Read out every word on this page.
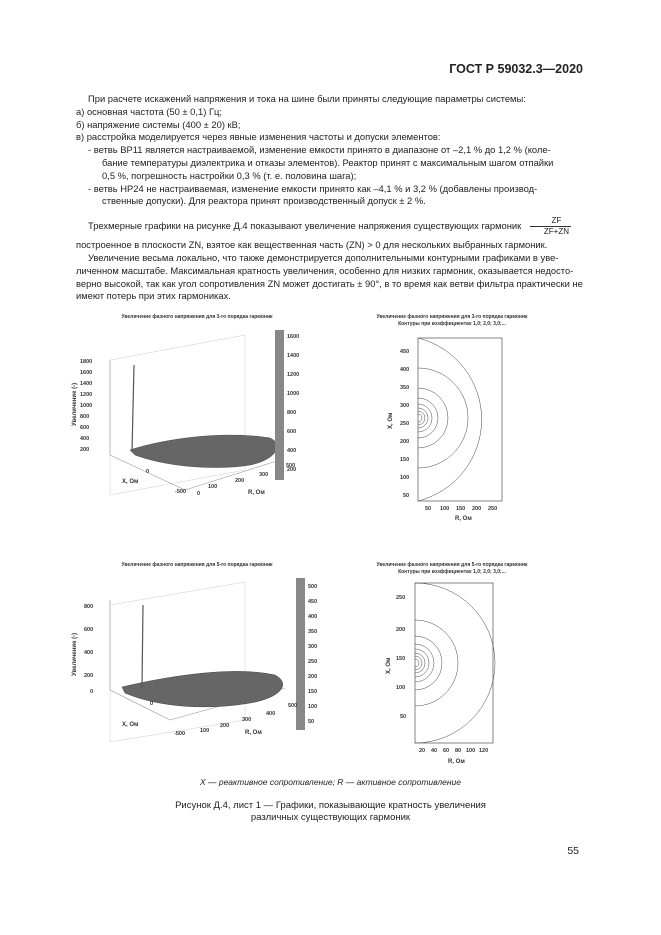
ГОСТ Р 59032.3—2020

При расчете искажений напряжения и тока на шине были приняты следующие параметры системы:

а) основная частота (50 ± 0,1) Гц;

б) напряжение системы (400 ± 20) кВ;

в) расстройка моделируется через явные изменения частоты и допуски элементов:

- ветвь ВР11 является настраиваемой, изменение емкости принято в диапазоне от –2,1 % до 1,2 % (коле-

бание температуры диэлектрика и отказы элементов). Реактор принят с максимальным шагом отпайки

0,5 %, погрешность настройки 0,3 % (т. е. половина шага);

- ветвь НР24 не настраиваемая, изменение емкости принято как –4,1 % и 3,2 % (добавлены производ-

ственные допуски). Для реактора принят производственный допуск ± 2 %.

Трехмерные графики на рисунке Д.4 показывают увеличение напряжения существующих гармоник $\frac{ZF}{ZF+ZN}$

построенное в плоскости ZN, взятое как вещественная часть (ZN) > 0 для нескольких выбранных гармоник.

Увеличение весьма локально, что также демонстрируется дополнительными контурными графиками в уве-

личенном масштабе. Максимальная кратность увеличения, особенно для низких гармоник, оказывается недосто-

верно высокой, так как угол сопротивления ZN может достигать ± 90°, в то время как ветви фильтра практически не

имеют потерь при этих гармониках.

Увеличение фазного напряжения для 3-го порядка гармоник
1800
1600
1400
1200
1000
800
600
400
200
Увеличение (-)
1600
1400
1200
1000
800
600
400
200
0
-500
X, Ом
500
300
200
100
0	R, Ом
Увеличение фазного напряжения для 3-го порядка гармоник
Контуры при коэффициентах 1,0; 2,0; 3,0;...
450
400
350
300
250
200
150
100
50
X, Ом
50 100 150 200 250
R, Ом
Увеличение фазного напряжения для 5-го порядка гармоник
800
600
400
200
0
Увеличение (-)
500
450
400
350
300
250
200
150
100
50
0
-500
X, Ом
500
400
300
200
100	R, Ом
Увеличение фазного напряжения для 5-го порядка гармоник
Контуры при коэффициентах 1,0; 2,0; 3,0;...
250
200
150
100
50
X, Ом
20 40 60 80 100 120
R, Ом
X — реактивное сопротивление; R — активное сопротивление
Рисунок Д.4, лист 1 — Графики, показывающие кратность увеличения
различных существующих гармоник
55
